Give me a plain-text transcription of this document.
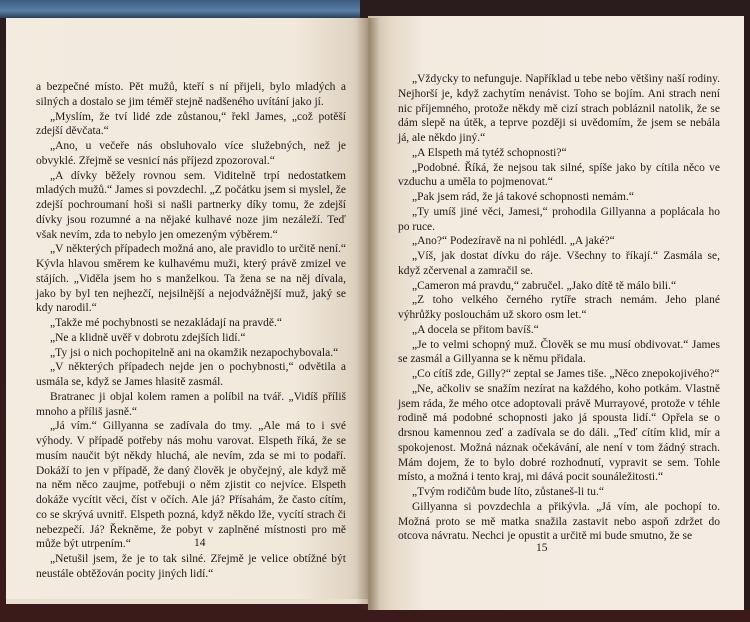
a bezpečné místo. Pět mužů, kteří s ní přijeli, bylo mladých a silných a dostalo se jim téměř stejně nadšeného uvítání jako jí.

„Myslím, že tví lidé zde zůstanou,“ řekl James, „což potěší zdejší děvčata.“

„Ano, u večeře nás obsluhovalo více služebných, než je obvyklé. Zřejmě se vesnicí nás příjezd zpozoroval.“

„A dívky běžely rovnou sem. Viditelně trpí nedostatkem mladých mužů.“ James si povzdechl. „Z počátku jsem si myslel, že zdejší pochroumaní hoši si našli partnerky díky tomu, že zdejší dívky jsou rozumné a na nějaké kulhavé noze jim nezáleží. Teď však nevím, zda to nebylo jen omezeným výběrem.“

„V některých případech možná ano, ale pravidlo to určitě není.“ Kývla hlavou směrem ke kulhavému muži, který právě zmizel ve stájích. „Viděla jsem ho s manželkou. Ta žena se na něj dívala, jako by byl ten nejhezčí, nejsilnější a nejodvážnější muž, jaký se kdy narodil.“

„Takže mé pochybnosti se nezakládají na pravdě.“

„Ne a klidně uvěř v dobrotu zdejších lidí.“

„Ty jsi o nich pochopitelně ani na okamžik nezapochybovala.“

„V některých případech nejde jen o pochybnosti,“ odvětila a usmála se, když se James hlasitě zasmál.

Bratranec ji objal kolem ramen a políbil na tvář. „Vidíš příliš mnoho a příliš jasně.“

„Já vím.“ Gillyanna se zadívala do tmy. „Ale má to i své výhody. V případě potřeby nás mohu varovat. Elspeth říká, že se musím naučit být někdy hluchá, ale nevím, zda se mi to podaří. Dokáží to jen v případě, že daný člověk je obyčejný, ale když mě na něm něco zaujme, potřebuji o něm zjistit co nejvíce. Elspeth dokáže vycítit věci, číst v očích. Ale já? Přísahám, že často cítím, co se skrývá uvnitř. Elspeth pozná, když někdo lže, vycítí strach či nebezpečí. Já? Řekněme, že pobyt v zaplněné místnosti pro mě může být utrpením.“

„Netušil jsem, že je to tak silné. Zřejmě je velice obtížné být neustále obtěžován pocity jiných lidí.“

14

„Vždycky to nefunguje. Například u tebe nebo většiny naší rodiny. Nejhorší je, když zachytím nenávist. Toho se bojím. Ani strach není nic příjemného, protože někdy mě cizí strach pobláznil natolik, že se dám slepě na útěk, a teprve později si uvědomím, že jsem se nebála já, ale někdo jiný.“

„A Elspeth má tytéž schopnosti?“

„Podobné. Říká, že nejsou tak silné, spíše jako by cítila něco ve vzduchu a uměla to pojmenovat.“

„Pak jsem rád, že já takové schopnosti nemám.“

„Ty umíš jiné věci, Jamesi,“ prohodila Gillyanna a poplácala ho po ruce.

„Ano?“ Podezíravě na ni pohlédl. „A jaké?“

„Víš, jak dostat dívku do ráje. Všechny to říkají.“ Zasmála se, když zčervenal a zamračil se.

„Cameron má pravdu,“ zabručel. „Jako dítě tě málo bili.“

„Z toho velkého černého rytíře strach nemám. Jeho plané výhrůžky poslouchám už skoro osm let.“

„A docela se přitom bavíš.“

„Je to velmi schopný muž. Člověk se mu musí obdivovat.“ James se zasmál a Gillyanna se k němu přidala.

„Co cítíš zde, Gilly?“ zeptal se James tiše. „Něco znepokojivého?“

„Ne, ačkoliv se snažím nezírat na každého, koho potkám. Vlastně jsem ráda, že mého otce adoptovali právě Murrayové, protože v téhle rodině má podobné schopnosti jako já spousta lidí.“ Opřela se o drsnou kamennou zeď a zadívala se do dáli. „Teď cítím klid, mír a spokojenost. Možná náznak očekávání, ale není v tom žádný strach. Mám dojem, že to bylo dobré rozhodnutí, vypravit se sem. Tohle místo, a možná i tento kraj, mi dává pocit sounáležitosti.“

„Tvým rodičům bude líto, zůstaneš-li tu.“

Gillyanna si povzdechla a přikývla. „Já vím, ale pochopí to. Možná proto se mě matka snažila zastavit nebo aspoň zdržet do otcova návratu. Nechci je opustit a určitě mi bude smutno, že se

15
